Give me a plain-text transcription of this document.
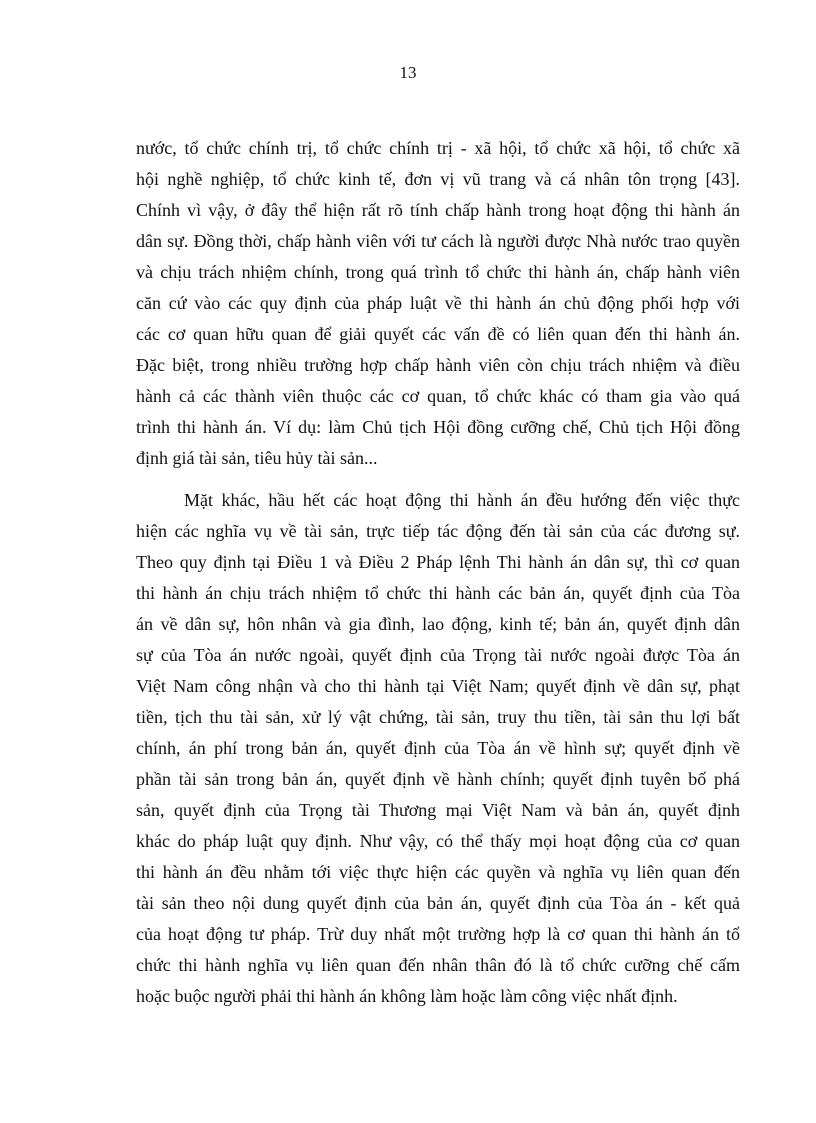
13
nước, tổ chức chính trị, tổ chức chính trị - xã hội, tổ chức xã hội, tổ chức xã
hội nghề nghiệp, tổ chức kinh tế, đơn vị vũ trang và cá nhân tôn trọng [43].
Chính vì vậy, ở đây thể hiện rất rõ tính chấp hành trong hoạt động thi hành án
dân sự. Đồng thời, chấp hành viên với tư cách là người được Nhà nước trao quyền
và chịu trách nhiệm chính, trong quá trình tổ chức thi hành án, chấp hành viên
căn cứ vào các quy định của pháp luật về thi hành án chủ động phối hợp với
các cơ quan hữu quan để giải quyết các vấn đề có liên quan đến thi hành án.
Đặc biệt, trong nhiều trường hợp chấp hành viên còn chịu trách nhiệm và điều
hành cả các thành viên thuộc các cơ quan, tổ chức khác có tham gia vào quá
trình thi hành án. Ví dụ: làm Chủ tịch Hội đồng cưỡng chế, Chủ tịch Hội đồng
định giá tài sản, tiêu hủy tài sản...
Mặt khác, hầu hết các hoạt động thi hành án đều hướng đến việc thực
hiện các nghĩa vụ về tài sản, trực tiếp tác động đến tài sản của các đương sự.
Theo quy định tại Điều 1 và Điều 2 Pháp lệnh Thi hành án dân sự, thì cơ quan
thi hành án chịu trách nhiệm tổ chức thi hành các bản án, quyết định của Tòa
án về dân sự, hôn nhân và gia đình, lao động, kinh tế; bản án, quyết định dân
sự của Tòa án nước ngoài, quyết định của Trọng tài nước ngoài được Tòa án
Việt Nam công nhận và cho thi hành tại Việt Nam; quyết định về dân sự, phạt
tiền, tịch thu tài sản, xử lý vật chứng, tài sản, truy thu tiền, tài sản thu lợi bất
chính, án phí trong bản án, quyết định của Tòa án về hình sự; quyết định về
phần tài sản trong bản án, quyết định về hành chính; quyết định tuyên bố phá
sản, quyết định của Trọng tài Thương mại Việt Nam và bản án, quyết định
khác do pháp luật quy định. Như vậy, có thể thấy mọi hoạt động của cơ quan
thi hành án đều nhằm tới việc thực hiện các quyền và nghĩa vụ liên quan đến
tài sản theo nội dung quyết định của bản án, quyết định của Tòa án - kết quả
của hoạt động tư pháp. Trừ duy nhất một trường hợp là cơ quan thi hành án tổ
chức thi hành nghĩa vụ liên quan đến nhân thân đó là tổ chức cưỡng chế cấm
hoặc buộc người phải thi hành án không làm hoặc làm công việc nhất định.
